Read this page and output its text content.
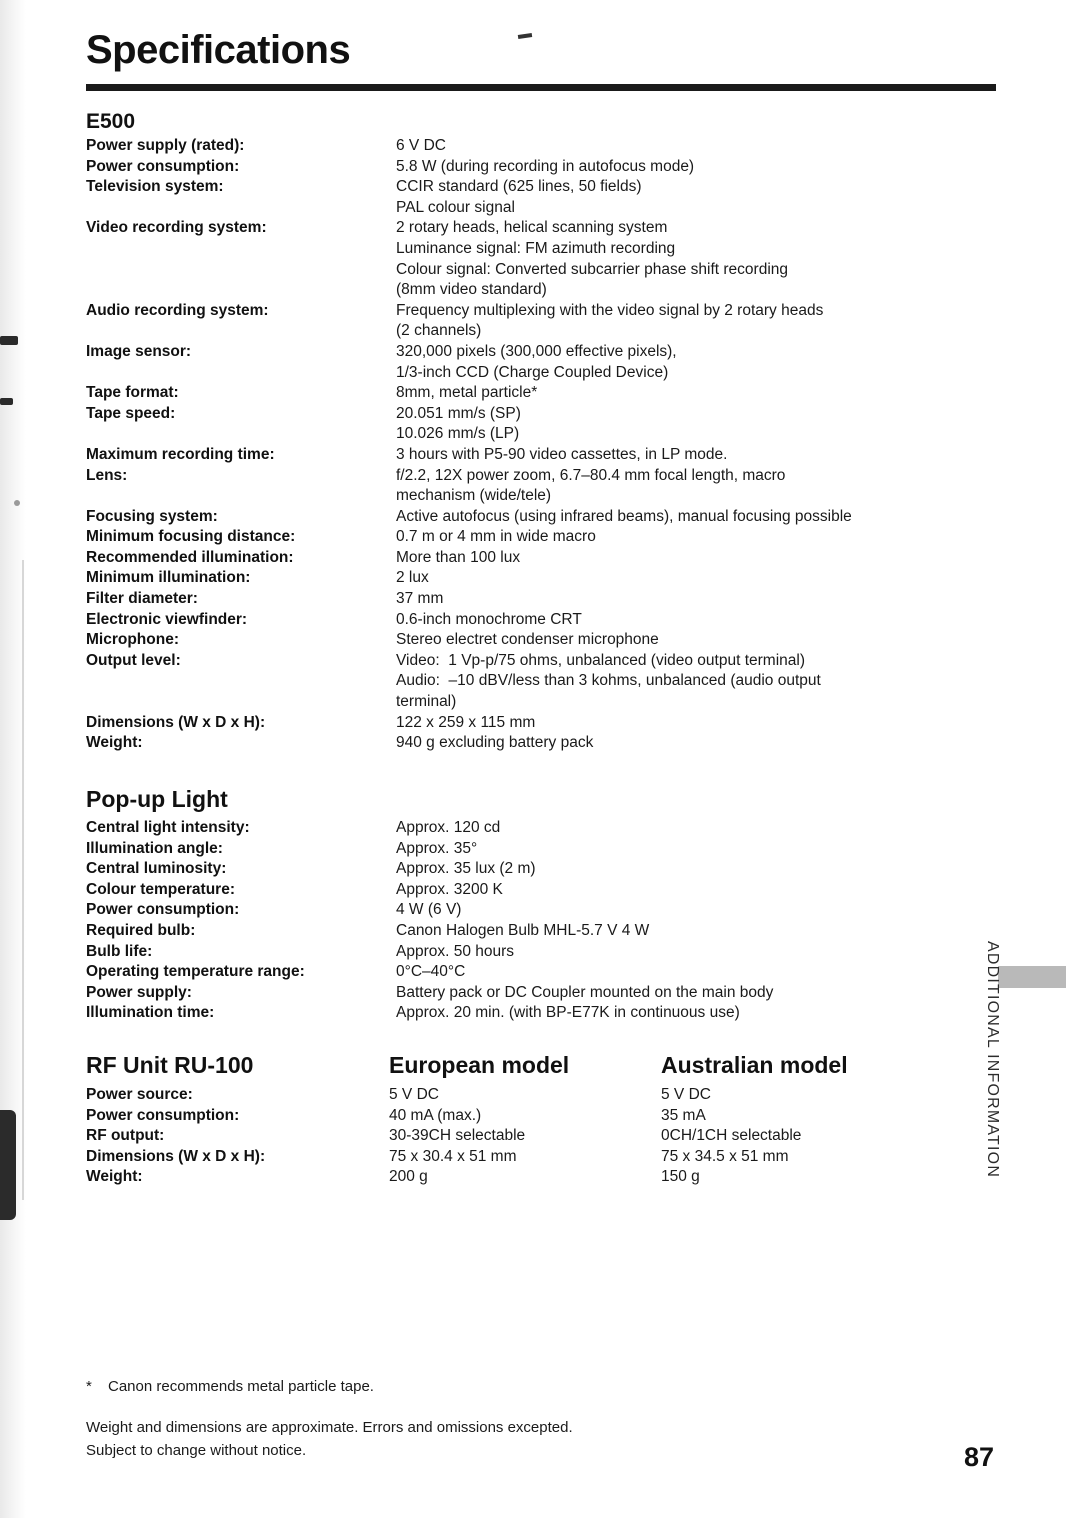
Specifications
E500
Power supply (rated):	6 V DC
Power consumption:	5.8 W (during recording in autofocus mode)
Television system:	CCIR standard (625 lines, 50 fields)
PAL colour signal
Video recording system:	2 rotary heads, helical scanning system
Luminance signal: FM azimuth recording
Colour signal: Converted subcarrier phase shift recording
(8mm video standard)
Audio recording system:	Frequency multiplexing with the video signal by 2 rotary heads
(2 channels)
Image sensor:	320,000 pixels (300,000 effective pixels),
1/3-inch CCD (Charge Coupled Device)
Tape format:	8mm, metal particle*
Tape speed:	20.051 mm/s (SP)
10.026 mm/s (LP)
Maximum recording time:	3 hours with P5-90 video cassettes, in LP mode.
Lens:	f/2.2, 12X power zoom, 6.7–80.4 mm focal length, macro
mechanism (wide/tele)
Focusing system:	Active autofocus (using infrared beams), manual focusing possible
Minimum focusing distance:	0.7 m or 4 mm in wide macro
Recommended illumination:	More than 100 lux
Minimum illumination:	2 lux
Filter diameter:	37 mm
Electronic viewfinder:	0.6-inch monochrome CRT
Microphone:	Stereo electret condenser microphone
Output level:	Video:  1 Vp-p/75 ohms, unbalanced (video output terminal)
Audio:  –10 dBV/less than 3 kohms, unbalanced (audio output
terminal)
Dimensions (W x D x H):	122 x 259 x 115 mm
Weight:	940 g excluding battery pack
Pop-up Light
Central light intensity:	Approx. 120 cd
Illumination angle:	Approx. 35°
Central luminosity:	Approx. 35 lux (2 m)
Colour temperature:	Approx. 3200 K
Power consumption:	4 W (6 V)
Required bulb:	Canon Halogen Bulb MHL-5.7 V 4 W
Bulb life:	Approx. 50 hours
Operating temperature range:	0°C–40°C
Power supply:	Battery pack or DC Coupler mounted on the main body
Illumination time:	Approx. 20 min. (with BP-E77K in continuous use)
RF Unit RU-100	European model	Australian model
Power source:	5 V DC	5 V DC
Power consumption:	40 mA (max.)	35 mA
RF output:	30-39CH selectable	0CH/1CH selectable
Dimensions (W x D x H):	75 x 30.4 x 51 mm	75 x 34.5 x 51 mm
Weight:	200 g	150 g
* Canon recommends metal particle tape.
Weight and dimensions are approximate. Errors and omissions excepted.
Subject to change without notice.	87
ADDITIONAL INFORMATION
